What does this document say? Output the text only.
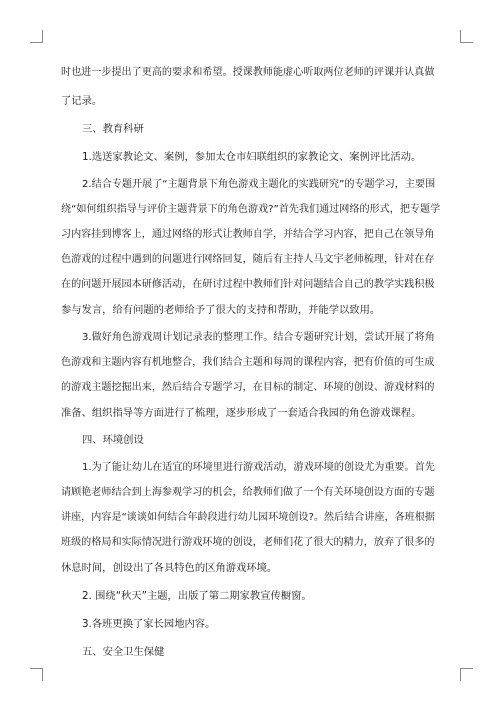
时也进一步提出了更高的要求和希望。授课教师能虚心听取两位老师的评课并认真做
了记录。
三、教育科研
1.选送家教论文、案例，参加太仓市妇联组织的家教论文、案例评比活动。
2.结合专题开展了“主题背景下角色游戏主题化的实践研究”的专题学习，主要围
绕“如何组织指导与评价主题背景下的角色游戏?”首先我们通过网络的形式，把专题学
习内容挂到博客上，通过网络的形式让教师自学，并结合学习内容，把自己在领导角
色游戏的过程中遇到的问题进行网络回复，随后有主持人马文宇老师梳理，针对在存
在的问题开展园本研修活动，在研讨过程中教师们针对问题结合自己的教学实践积极
参与发言，给有问题的老师给予了很大的支持和帮助，并能学以致用。
3.做好角色游戏周计划记录表的整理工作。结合专题研究计划，尝试开展了将角
色游戏和主题内容有机地整合，我们结合主题和每周的课程内容，把有价值的可生成
的游戏主题挖掘出来，然后结合专题学习，在目标的制定、环境的创设、游戏材料的
准备、组织指导等方面进行了梳理，逐步形成了一套适合我园的角色游戏课程。
四、环境创设
1.为了能让幼儿在适宜的环境里进行游戏活动，游戏环境的创设尤为重要。首先
请顾艳老师结合到上海参观学习的机会，给教师们做了一个有关环境创设方面的专题
讲座，内容是“谈谈如何结合年龄段进行幼儿园环境创设?。然后结合讲座，各班根据
班级的格局和实际情况进行游戏环境的创设，老师们花了很大的精力，放弃了很多的
休息时间，创设出了各具特色的区角游戏环境。
2. 围绕“秋天”主题，出版了第二期家教宣传橱窗。
3.各班更换了家长园地内容。
五、安全卫生保健
